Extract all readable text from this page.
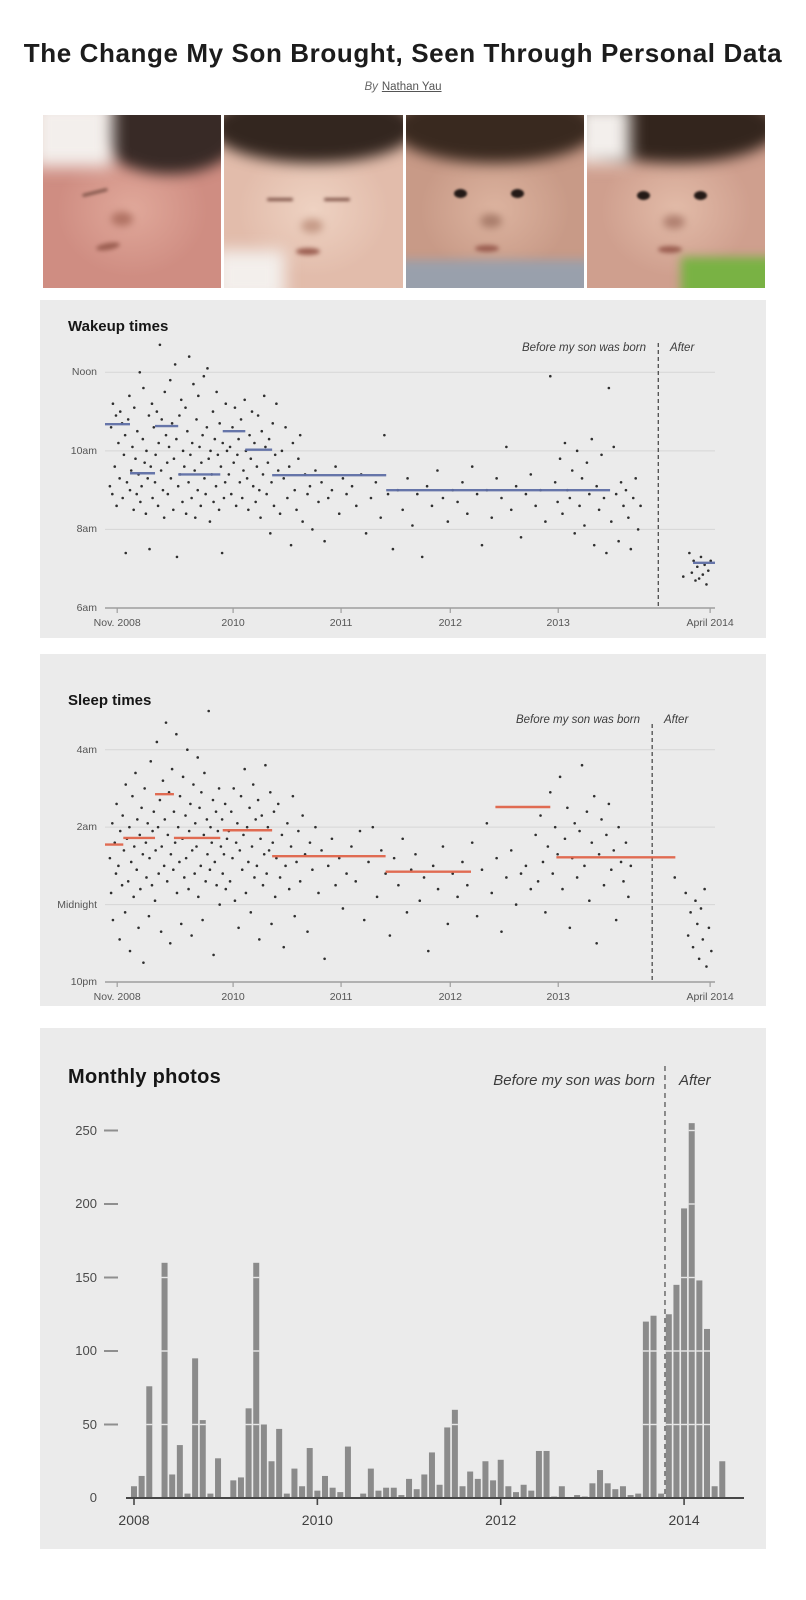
The Change My Son Brought, Seen Through Personal Data
By Nathan Yau
Wakeup times
Before my son was born After
Noon
10am
8am
6am
Nov. 2008	2010	2011	2012	2013	April 2014
Sleep times
Before my son was born After
4am
2am
Midnight
10pm
Nov. 2008	2010	2011	2012	2013	April 2014
Monthly photos	Before my son was born After
250
200
150
100
50
0
2008	2010	2012	2014
